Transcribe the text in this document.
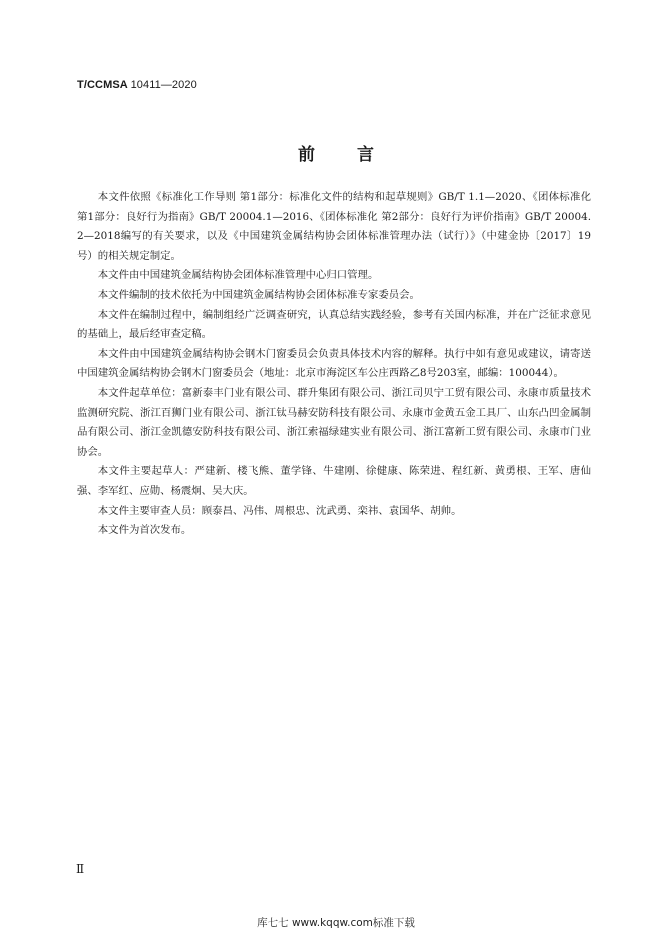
T/CCMSA 10411—2020
前 言

本文件依照《标准化工作导则 第1部分：标准化文件的结构和起草规则》GB/T 1.1—2020、《团体标准化 第1部分：良好行为指南》GB/T 20004.1—2016、《团体标准化 第2部分：良好行为评价指南》GB/T 20004.2—2018编写的有关要求，以及《中国建筑金属结构协会团体标准管理办法（试行）》（中建金协〔2017〕19号）的相关规定制定。

本文件由中国建筑金属结构协会团体标准管理中心归口管理。

本文件编制的技术依托为中国建筑金属结构协会团体标准专家委员会。

本文件在编制过程中，编制组经广泛调查研究，认真总结实践经验，参考有关国内标准，并在广泛征求意见的基础上，最后经审查定稿。

本文件由中国建筑金属结构协会钢木门窗委员会负责具体技术内容的解释。执行中如有意见或建议，请寄送中国建筑金属结构协会钢木门窗委员会（地址：北京市海淀区车公庄西路乙8号203室，邮编：100044）。

本文件起草单位：富新泰丰门业有限公司、群升集团有限公司、浙江司贝宁工贸有限公司、永康市质量技术监测研究院、浙江百狮门业有限公司、浙江钛马赫安防科技有限公司、永康市金黄五金工具厂、山东凸凹金属制品有限公司、浙江金凯德安防科技有限公司、浙江索福绿建实业有限公司、浙江富新工贸有限公司、永康市门业协会。

本文件主要起草人：严建新、楼飞熊、董学锋、牛建刚、徐健康、陈荣进、程红新、黄勇根、王军、唐仙强、李军红、应勋、杨震炯、吴大庆。

本文件主要审查人员：顾泰昌、冯伟、周根忠、沈武勇、栾祎、袁国华、胡帅。

本文件为首次发布。

Ⅱ
库七七 www.kqqw.com标准下载
